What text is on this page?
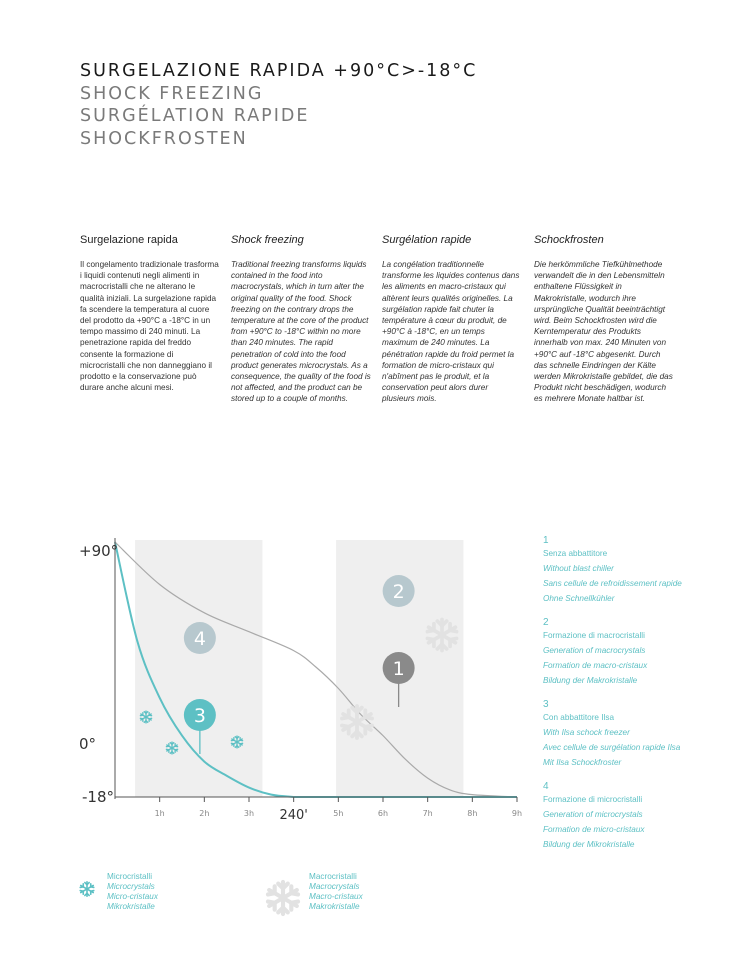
SURGELAZIONE RAPIDA +90°C>-18°C
SHOCK FREEZING
SURGÉLATION RAPIDE
SHOCKFROSTEN
Surgelazione rapida

Il congelamento tradizionale trasforma i liquidi contenuti negli alimenti in macrocristalli che ne alterano le qualità iniziali. La surgelazione rapida fa scendere la temperatura al cuore del prodotto da +90°C a -18°C in un tempo massimo di 240 minuti. La penetrazione rapida del freddo consente la formazione di microcristalli che non danneggiano il prodotto e la conservazione può durare anche alcuni mesi.

Shock freezing

Traditional freezing transforms liquids contained in the food into macrocrystals, which in turn alter the original quality of the food. Shock freezing on the contrary drops the temperature at the core of the product from +90°C to -18°C within no more than 240 minutes. The rapid penetration of cold into the food product generates microcrystals. As a consequence, the quality of the food is not affected, and the product can be stored up to a couple of months.

Surgélation rapide

La congélation traditionnelle transforme les liquides contenus dans les aliments en macro-cristaux qui altèrent leurs qualités originelles. La surgélation rapide fait chuter la température à cœur du produit, de +90°C à -18°C, en un temps maximum de 240 minutes. La pénétration rapide du froid permet la formation de micro-cristaux qui n'abîment pas le produit, et la conservation peut alors durer plusieurs mois.

Schockfrosten

Die herkömmliche Tiefkühlmethode verwandelt die in den Lebensmitteln enthaltene Flüssigkeit in Makrokristalle, wodurch ihre ursprüngliche Qualität beeinträchtigt wird. Beim Schockfrosten wird die Kerntemperatur des Produkts innerhalb von max. 240 Minuten von +90°C auf -18°C abgesenkt. Durch das schnelle Eindringen der Kälte werden Mikrokristalle gebildet, die das Produkt nicht beschädigen, wodurch es mehrere Monate haltbar ist.

+90°
0°
-18°
1h	2h	3h 240'	5h	6h	7h	8h	9h
1
2
3
4
1
Senza abbattitore
Without blast chiller
Sans cellule de refroidissement rapide
Ohne Schnellkühler
2
Formazione di macrocristalli
Generation of macrocrystals
Formation de macro-cristaux
Bildung der Makrokristalle
3
Con abbattitore Ilsa
With Ilsa schock freezer
Avec cellule de surgélation rapide Ilsa
Mit Ilsa Schockfroster
4
Formazione di microcristalli
Generation of microcrystals
Formation de micro-cristaux
Bildung der Mikrokristalle
Microcristalli
Microcrystals
Micro-cristaux
Mikrokristalle
Macrocristalli
Macrocrystals
Macro-cristaux
Makrokristalle
